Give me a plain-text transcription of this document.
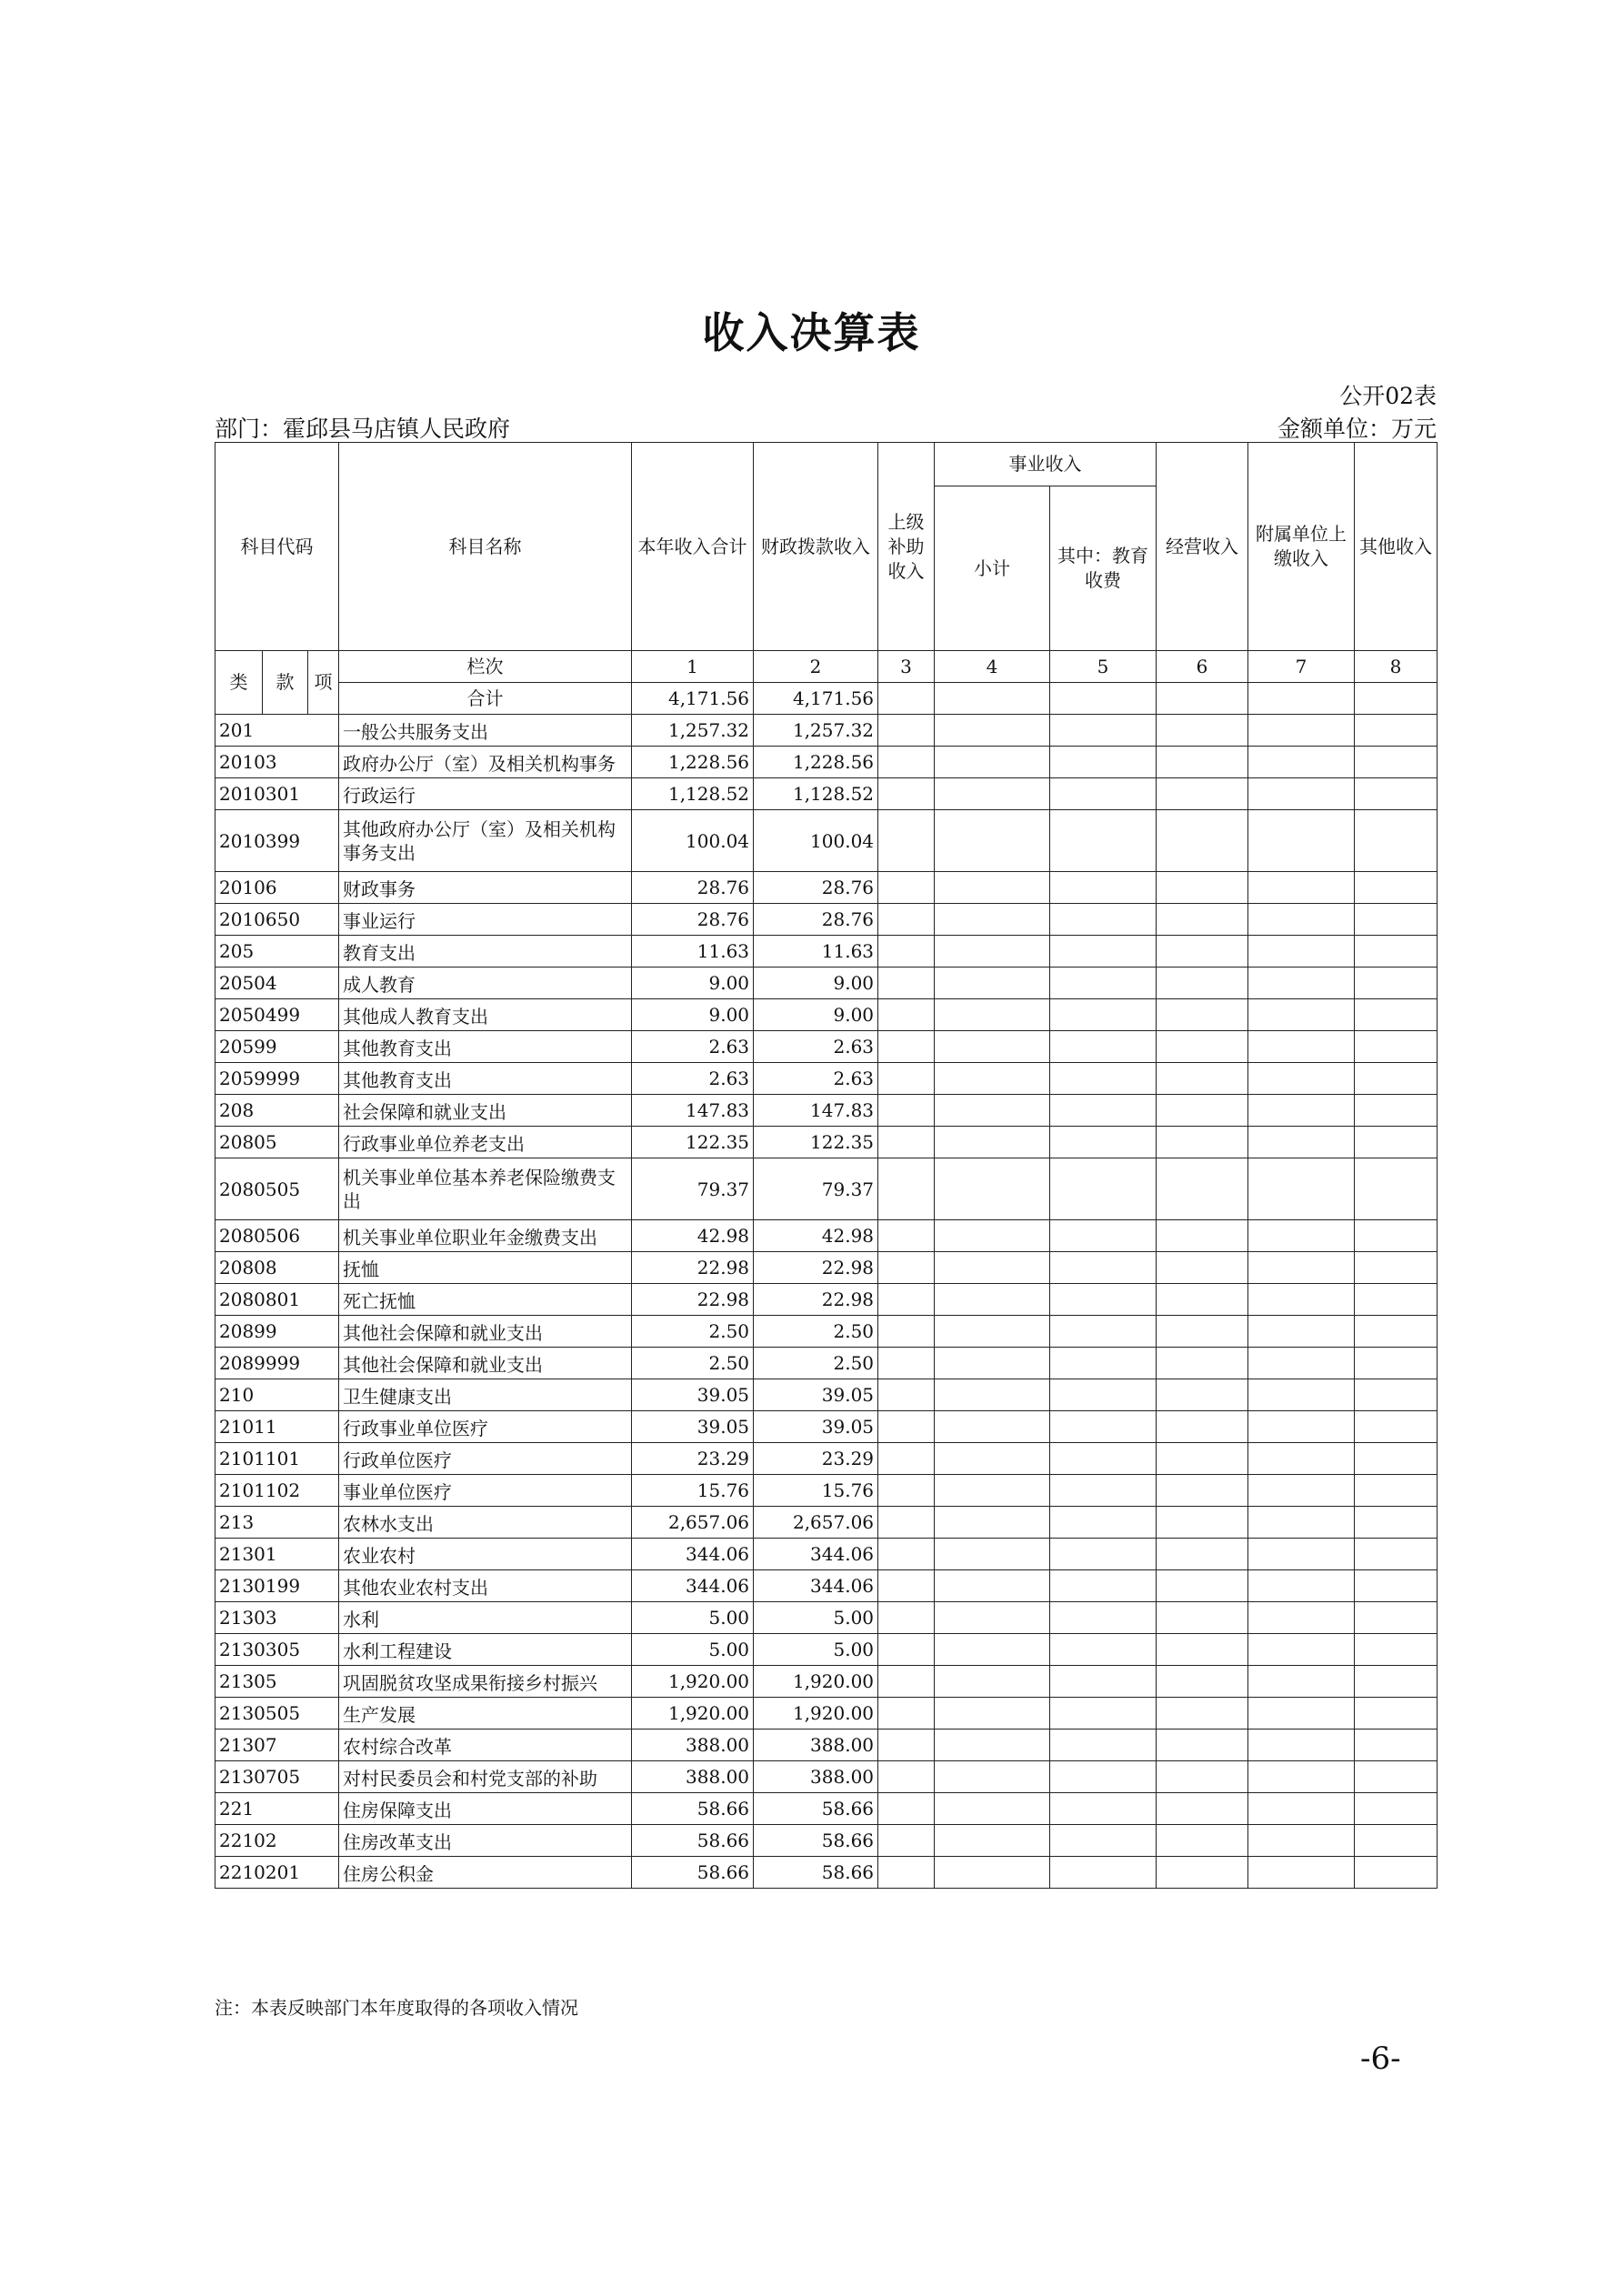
收入决算表
公开02表
部门：霍邱县马店镇人民政府	金额单位：万元
科目代码			科目名称	本年收入合计	财政拨款收入	上级补助收入	事业收入		经营收入	附属单位上缴收入	其他收入
							小计	其中：教育收费			
类	款	项	栏次	1	2	3	4	5	6	7	8
			合计	4,171.56	4,171.56						
201			一般公共服务支出	1,257.32	1,257.32						
20103			政府办公厅（室）及相关机构事务	1,228.56	1,228.56						
2010301			行政运行	1,128.52	1,128.52						
2010399			其他政府办公厅（室）及相关机构事务支出	100.04	100.04						
20106			财政事务	28.76	28.76						
2010650			事业运行	28.76	28.76						
205			教育支出	11.63	11.63						
20504			成人教育	9.00	9.00						
2050499			其他成人教育支出	9.00	9.00						
20599			其他教育支出	2.63	2.63						
2059999			其他教育支出	2.63	2.63						
208			社会保障和就业支出	147.83	147.83						
20805			行政事业单位养老支出	122.35	122.35						
2080505			机关事业单位基本养老保险缴费支出	79.37	79.37						
2080506			机关事业单位职业年金缴费支出	42.98	42.98						
20808			抚恤	22.98	22.98						
2080801			死亡抚恤	22.98	22.98						
20899			其他社会保障和就业支出	2.50	2.50						
2089999			其他社会保障和就业支出	2.50	2.50						
210			卫生健康支出	39.05	39.05						
21011			行政事业单位医疗	39.05	39.05						
2101101			行政单位医疗	23.29	23.29						
2101102			事业单位医疗	15.76	15.76						
213			农林水支出	2,657.06	2,657.06						
21301			农业农村	344.06	344.06						
2130199			其他农业农村支出	344.06	344.06						
21303			水利	5.00	5.00						
2130305			水利工程建设	5.00	5.00						
21305			巩固脱贫攻坚成果衔接乡村振兴	1,920.00	1,920.00						
2130505			生产发展	1,920.00	1,920.00						
21307			农村综合改革	388.00	388.00						
2130705			对村民委员会和村党支部的补助	388.00	388.00						
221			住房保障支出	58.66	58.66						
22102			住房改革支出	58.66	58.66						
2210201			住房公积金	58.66	58.66						
注：本表反映部门本年度取得的各项收入情况
-6-
